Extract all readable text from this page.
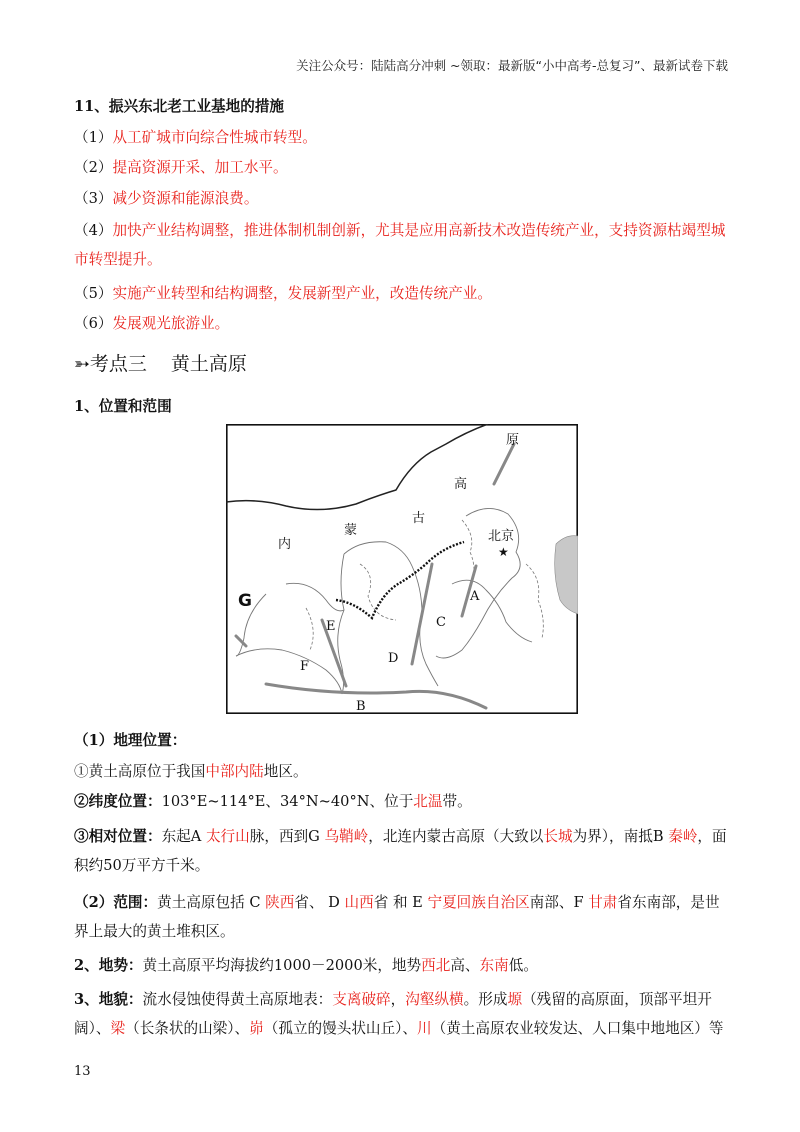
关注公众号：陆陆高分冲刺 ~领取：最新版“小中高考-总复习”、最新试卷下载
11、振兴东北老工业基地的措施
（1）从工矿城市向综合性城市转型。
（2）提高资源开采、加工水平。
（3）减少资源和能源浪费。
（4）加快产业结构调整，推进体制机制创新，尤其是应用高新技术改造传统产业，支持资源枯竭型城市转型提升。
（5）实施产业转型和结构调整，发展新型产业，改造传统产业。
（6）发展观光旅游业。
➳考点三 黄土高原
1、位置和范围
原
高
古
蒙
内
北京
★
A
C
D
E
F
G
B
（1）地理位置：
①黄土高原位于我国中部内陆地区。
②纬度位置：103°E~114°E、34°N~40°N、位于北温带。
③相对位置：东起A 太行山脉，西到G 乌鞘岭，北连内蒙古高原（大致以长城为界），南抵B 秦岭，面积约50万平方千米。
（2）范围：黄土高原包括 C 陕西省、 D 山西省 和 E 宁夏回族自治区南部、F 甘肃省东南部，是世界上最大的黄土堆积区。
2、地势：黄土高原平均海拔约1000－2000米，地势西北高、东南低。
3、地貌：流水侵蚀使得黄土高原地表：支离破碎，沟壑纵横。形成塬（残留的高原面，顶部平坦开阔）、梁（长条状的山梁）、峁（孤立的馒头状山丘）、川（黄土高原农业较发达、人口集中地地区）等
13
